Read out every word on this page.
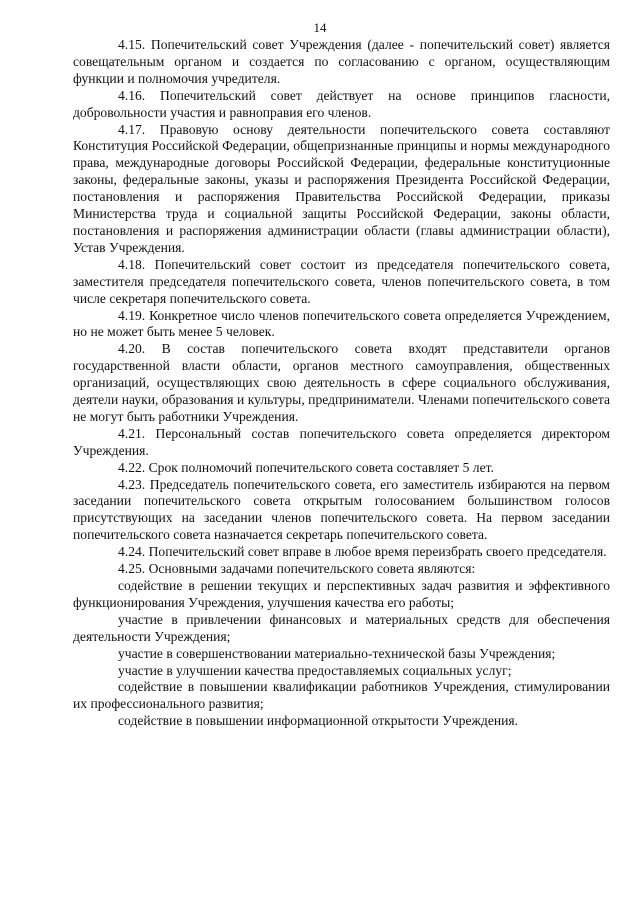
14

4.15. Попечительский совет Учреждения (далее - попечительский совет) является совещательным органом и создается по согласованию с органом, осуществляющим функции и полномочия учредителя.

4.16. Попечительский совет действует на основе принципов гласности, добровольности участия и равноправия его членов.

4.17. Правовую основу деятельности попечительского совета составляют Конституция Российской Федерации, общепризнанные принципы и нормы международного права, международные договоры Российской Федерации, федеральные конституционные законы, федеральные законы, указы и распоряжения Президента Российской Федерации, постановления и распоряжения Правительства Российской Федерации, приказы Министерства труда и социальной защиты Российской Федерации, законы области, постановления и распоряжения администрации области (главы администрации области), Устав Учреждения.

4.18. Попечительский совет состоит из председателя попечительского совета, заместителя председателя попечительского совета, членов попечительского совета, в том числе секретаря попечительского совета.

4.19. Конкретное число членов попечительского совета определяется Учреждением, но не может быть менее 5 человек.

4.20. В состав попечительского совета входят представители органов государственной власти области, органов местного самоуправления, общественных организаций, осуществляющих свою деятельность в сфере социального обслуживания, деятели науки, образования и культуры, предприниматели. Членами попечительского совета не могут быть работники Учреждения.

4.21. Персональный состав попечительского совета определяется директором Учреждения.

4.22. Срок полномочий попечительского совета составляет 5 лет.

4.23. Председатель попечительского совета, его заместитель избираются на первом заседании попечительского совета открытым голосованием большинством голосов присутствующих на заседании членов попечительского совета. На первом заседании попечительского совета назначается секретарь попечительского совета.

4.24. Попечительский совет вправе в любое время переизбрать своего председателя.

4.25. Основными задачами попечительского совета являются:

содействие в решении текущих и перспективных задач развития и эффективного функционирования Учреждения, улучшения качества его работы;
участие в привлечении финансовых и материальных средств для обеспечения деятельности Учреждения;
участие в совершенствовании материально-технической базы Учреждения;
участие в улучшении качества предоставляемых социальных услуг;
содействие в повышении квалификации работников Учреждения, стимулировании их профессионального развития;
содействие в повышении информационной открытости Учреждения.
